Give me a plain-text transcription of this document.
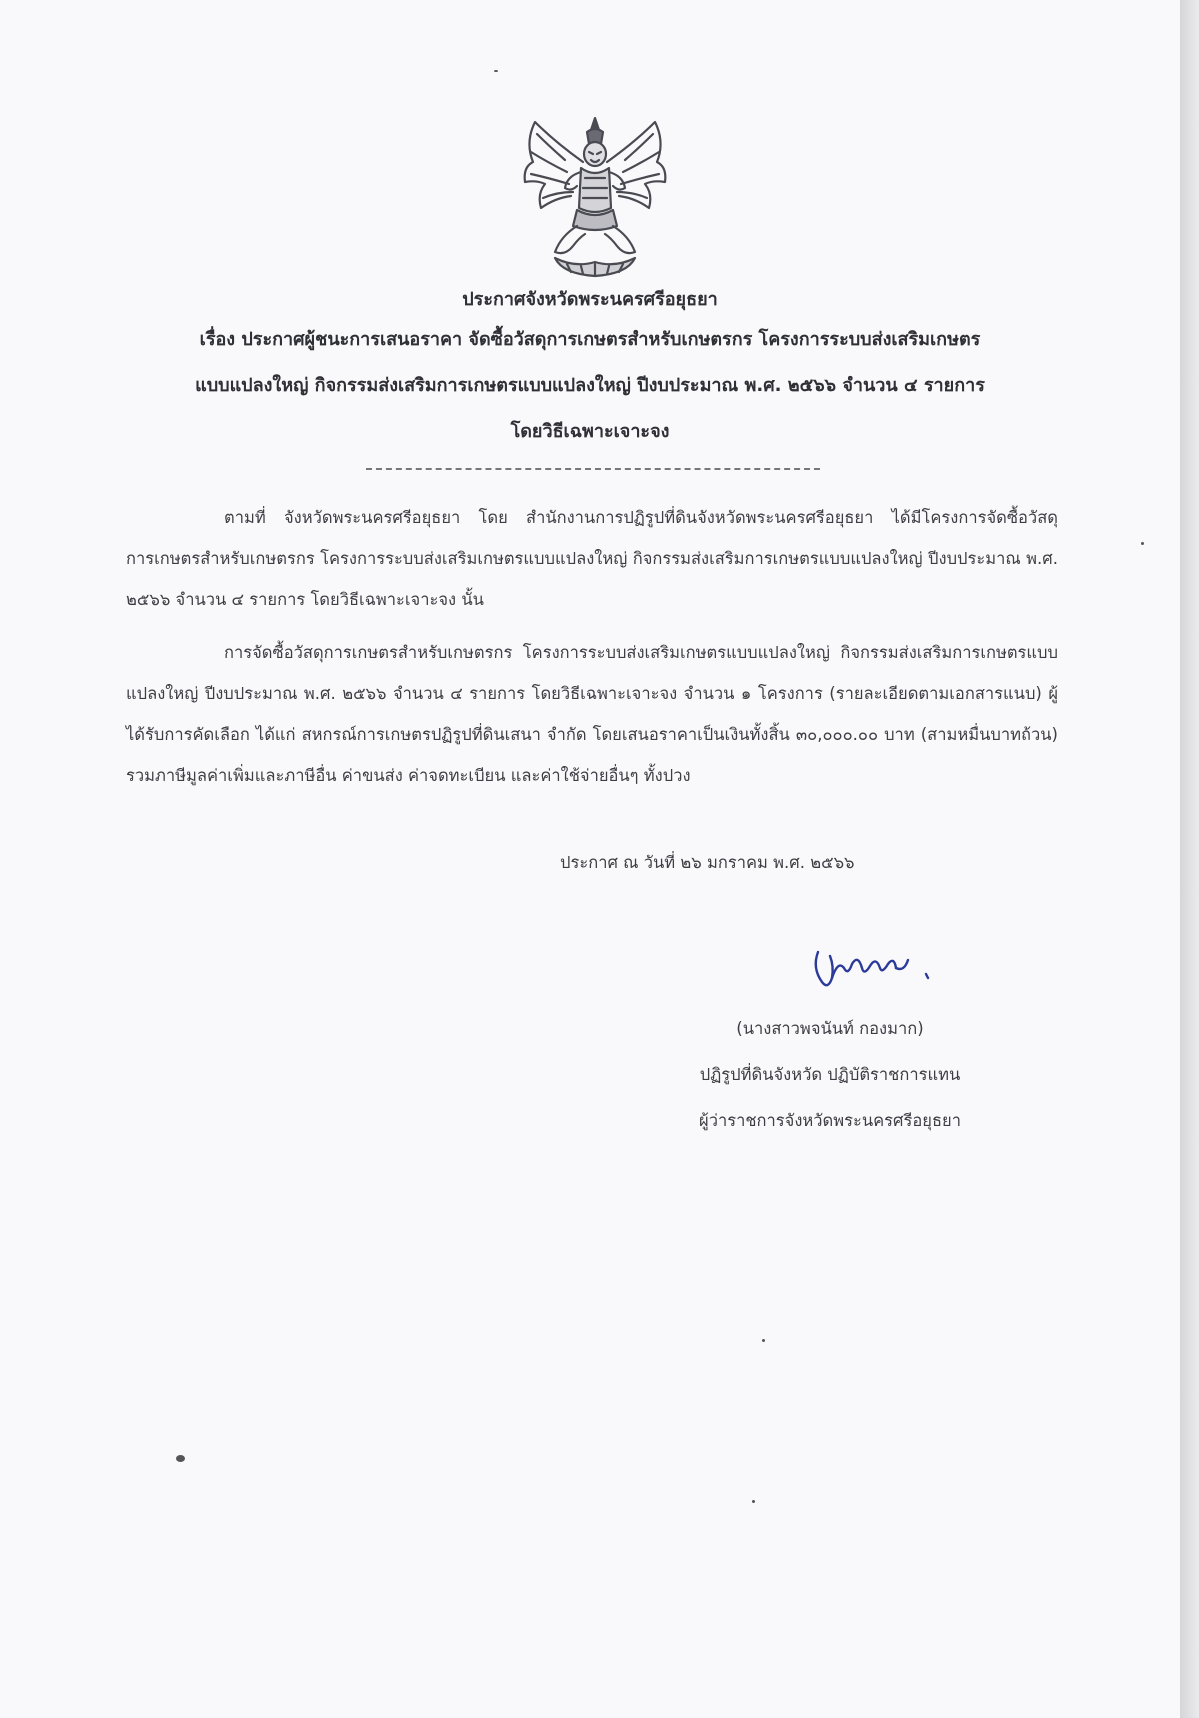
ประกาศจังหวัดพระนครศรีอยุธยา

เรื่อง ประกาศผู้ชนะการเสนอราคา จัดซื้อวัสดุการเกษตรสำหรับเกษตรกร โครงการระบบส่งเสริมเกษตร

แบบแปลงใหญ่ กิจกรรมส่งเสริมการเกษตรแบบแปลงใหญ่ ปีงบประมาณ พ.ศ. ๒๕๖๖ จำนวน ๔ รายการ

โดยวิธีเฉพาะเจาะจง

ตามที่ จังหวัดพระนครศรีอยุธยา โดย สำนักงานการปฏิรูปที่ดินจังหวัดพระนครศรีอยุธยา ได้มีโครงการจัดซื้อวัสดุการเกษตรสำหรับเกษตรกร โครงการระบบส่งเสริมเกษตรแบบแปลงใหญ่ กิจกรรมส่งเสริมการเกษตรแบบแปลงใหญ่ ปีงบประมาณ พ.ศ. ๒๕๖๖ จำนวน ๔ รายการ โดยวิธีเฉพาะเจาะจง นั้น

การจัดซื้อวัสดุการเกษตรสำหรับเกษตรกร โครงการระบบส่งเสริมเกษตรแบบแปลงใหญ่ กิจกรรมส่งเสริมการเกษตรแบบแปลงใหญ่ ปีงบประมาณ พ.ศ. ๒๕๖๖ จำนวน ๔ รายการ โดยวิธีเฉพาะเจาะจง จำนวน ๑ โครงการ (รายละเอียดตามเอกสารแนบ) ผู้ได้รับการคัดเลือก ได้แก่ สหกรณ์การเกษตรปฏิรูปที่ดินเสนา จำกัด โดยเสนอราคาเป็นเงินทั้งสิ้น ๓๐,๐๐๐.๐๐ บาท (สามหมื่นบาทถ้วน) รวมภาษีมูลค่าเพิ่มและภาษีอื่น ค่าขนส่ง ค่าจดทะเบียน และค่าใช้จ่ายอื่นๆ ทั้งปวง

ประกาศ ณ วันที่ ๒๖ มกราคม พ.ศ. ๒๕๖๖
(นางสาวพจนันท์ กองมาก)
ปฏิรูปที่ดินจังหวัด ปฏิบัติราชการแทน
ผู้ว่าราชการจังหวัดพระนครศรีอยุธยา
